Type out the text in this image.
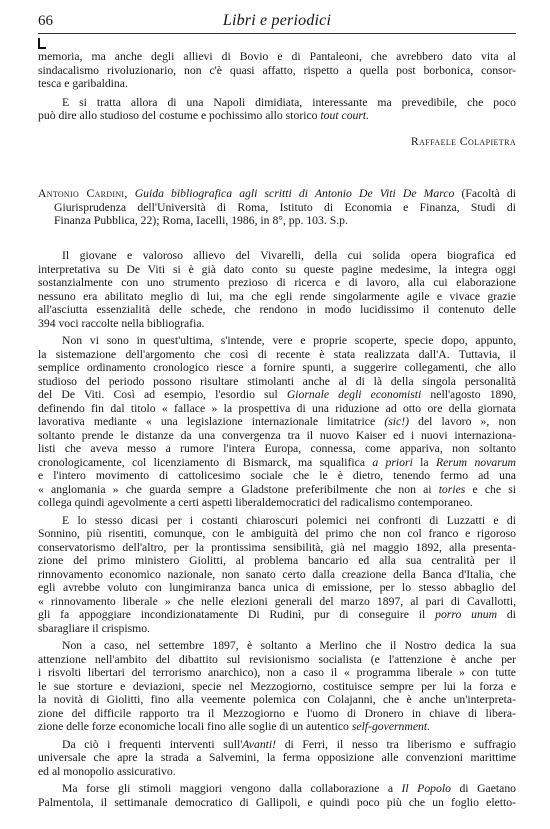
66	Libri e periodici
memoria, ma anche degli allievi di Bovio e di Pantaleoni, che avrebbero dato vita al
sindacalismo rivoluzionario, non c'è quasi affatto, rispetto a quella post borbonica, consor-
tesca e garibaldina.
E si tratta allora di una Napoli dimidiata, interessante ma prevedibile, che poco
può dire allo studioso del costume e pochissimo allo storico tout court.
Raffaele Colapietra
Antonio Cardini, Guida bibliografica agli scritti di Antonio De Viti De Marco (Facoltà di
Giurisprudenza dell'Università di Roma, Istituto di Economia e Finanza, Studi di
Finanza Pubblica, 22); Roma, Iacelli, 1986, in 8°, pp. 103. S.p.
Il giovane e valoroso allievo del Vivarelli, della cui solida opera biografica ed
interpretativa su De Viti si è già dato conto su queste pagine medesime, la integra oggi
sostanzialmente con uno strumento prezioso di ricerca e di lavoro, alla cui elaborazione
nessuno era abilitato meglio di lui, ma che egli rende singolarmente agile e vivace grazie
all'asciutta essenzialità delle schede, che rendono in modo lucidissimo il contenuto delle
394 voci raccolte nella bibliografia.
Non vi sono in quest'ultima, s'intende, vere e proprie scoperte, specie dopo, appunto,
la sistemazione dell'argomento che così di recente è stata realizzata dall'A. Tuttavia, il
semplice ordinamento cronologico riesce a fornire spunti, a suggerire collegamenti, che allo
studioso del periodo possono risultare stimolanti anche al di là della singola personalità
del De Viti. Così ad esempio, l'esordio sul Giornale degli economisti nell'agosto 1890,
definendo fin dal titolo « fallace » la prospettiva di una riduzione ad otto ore della giornata
lavorativa mediante « una legislazione internazionale limitatrice (sic!) del lavoro », non
soltanto prende le distanze da una convergenza tra il nuovo Kaiser ed i nuovi internaziona-
listi che aveva messo a rumore l'intera Europa, connessa, come appariva, non soltanto
cronologicamente, col licenziamento di Bismarck, ma squalifica a priori la Rerum novarum
e l'intero movimento di cattolicesimo sociale che le è dietro, tenendo fermo ad una
« anglomania » che guarda sempre a Gladstone preferibilmente che non ai tories e che si
collega quindi agevolmente a certi aspetti liberaldemocratici del radicalismo contemporaneo.
E lo stesso dicasi per i costanti chiaroscuri polemici nei confronti di Luzzatti e di
Sonnino, più risentiti, comunque, con le ambiguità del primo che non col franco e rigoroso
conservatorismo dell'altro, per la prontissima sensibilità, già nel maggio 1892, alla presenta-
zione del primo ministero Giolitti, al problema bancario ed alla sua centralità per il
rinnovamento economico nazionale, non sanato certo dalla creazione della Banca d'Italia, che
egli avrebbe voluto con lungimiranza banca unica di emissione, per lo stesso abbaglio del
« rinnovamento liberale » che nelle elezioni generali del marzo 1897, al pari di Cavallotti,
gli fa appoggiare incondizionatamente Di Rudinì, pur di conseguire il porro unum di
sbaragliare il crispismo.
Non a caso, nel settembre 1897, è soltanto a Merlino che il Nostro dedica la sua
attenzione nell'ambito del dibattito sul revisionismo socialista (e l'attenzione è anche per
i risvolti libertari del terrorismo anarchico), non a caso il « programma liberale » con tutte
le sue storture e deviazioni, specie nel Mezzogiorno, costituisce sempre per lui la forza e
la novità di Giolitti, fino alla veemente polemica con Colajanni, che è anche un'interpreta-
zione del difficile rapporto tra il Mezzogiorno e l'uomo di Dronero in chiave di libera-
zione delle forze economiche locali fino alle soglie di un autentico self-government.
Da ciò i frequenti interventi sull'Avanti! di Ferri, il nesso tra liberismo e suffragio
universale che apre la strada a Salvemini, la ferma opposizione alle convenzioni marittime
ed al monopolio assicurativo.
Ma forse gli stimoli maggiori vengono dalla collaborazione a Il Popolo di Gaetano
Palmentola, il settimanale democratico di Gallipoli, e quindi poco più che un foglio eletto-
